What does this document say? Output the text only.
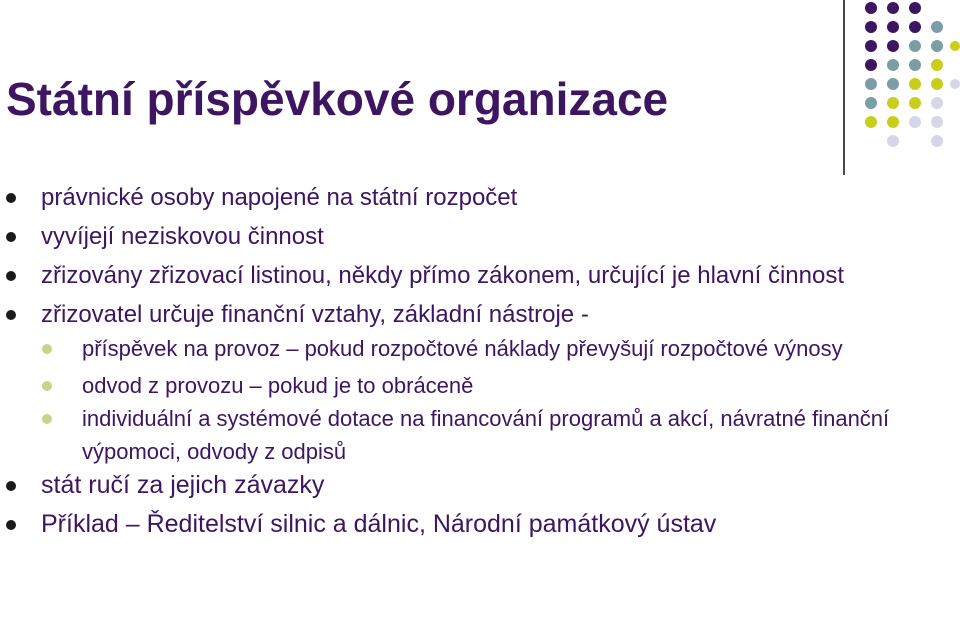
Státní příspěvkové organizace
právnické osoby napojené na státní rozpočet
vyvíjejí neziskovou činnost
zřizovány zřizovací listinou, někdy přímo zákonem, určující je hlavní činnost
zřizovatel určuje finanční vztahy, základní nástroje -
příspěvek na provoz – pokud rozpočtové náklady převyšují rozpočtové výnosy
odvod z provozu – pokud je to obráceně
individuální a systémové dotace na financování programů a akcí, návratné finanční výpomoci, odvody z odpisů
stát ručí za jejich závazky
Příklad – Ředitelství silnic a dálnic, Národní památkový ústav
